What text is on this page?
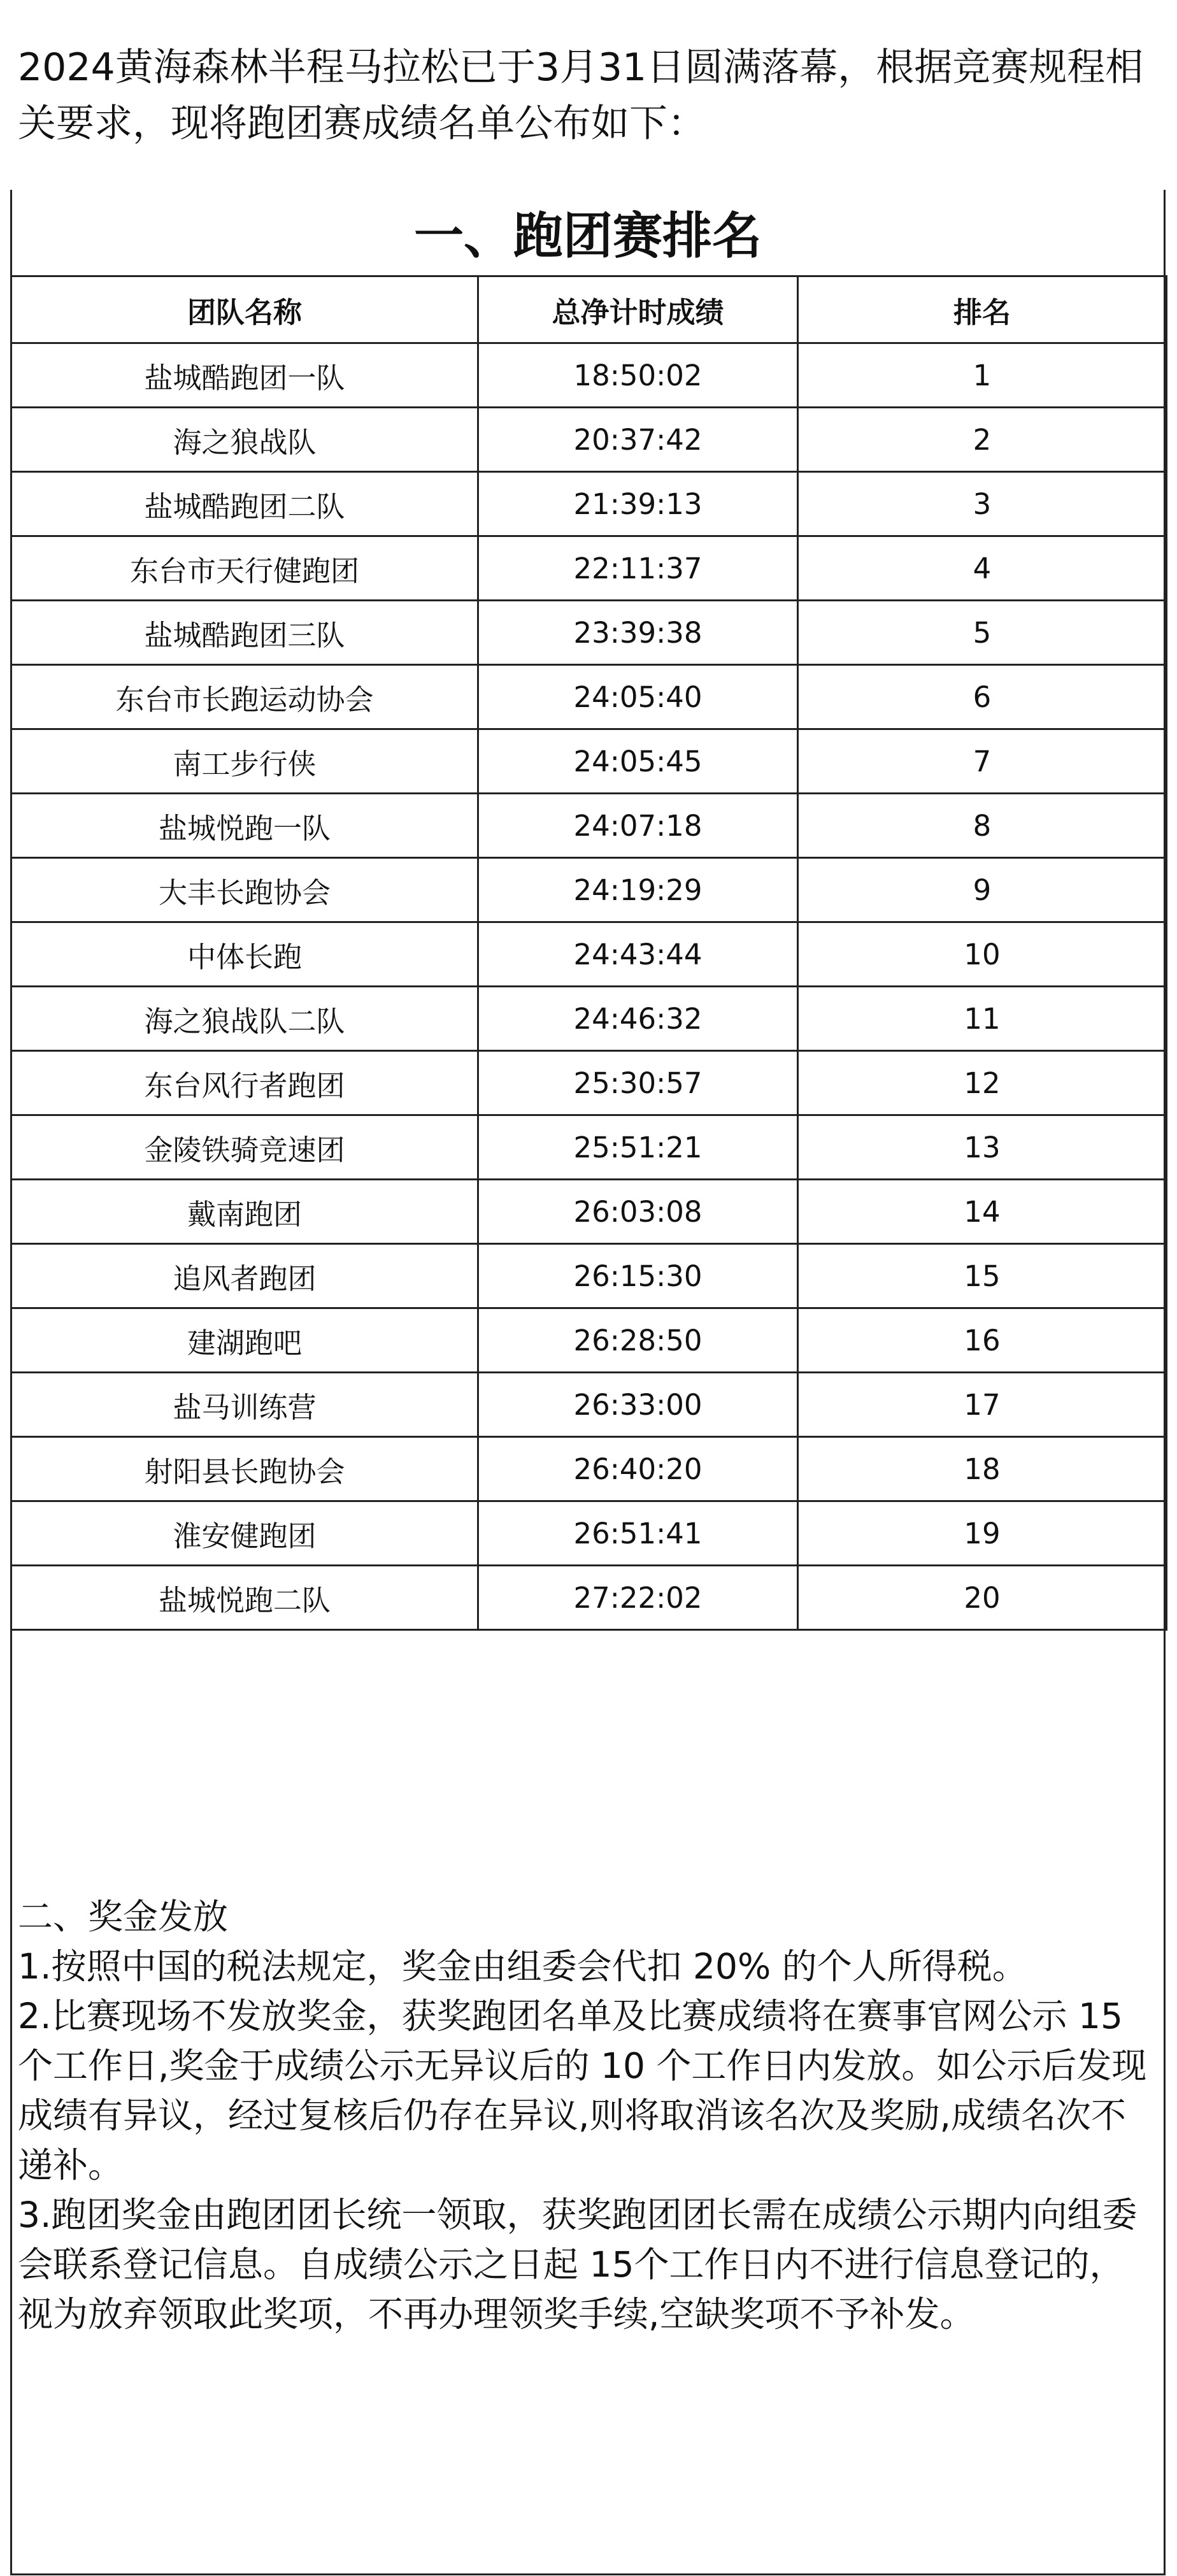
2024黄海森林半程马拉松已于3月31日圆满落幕，根据竞赛规程相关要求，现将跑团赛成绩名单公布如下：

一、跑团赛排名
团队名称	总净计时成绩	排名
盐城酷跑团一队	18:50:02	1
海之狼战队	20:37:42	2
盐城酷跑团二队	21:39:13	3
东台市天行健跑团	22:11:37	4
盐城酷跑团三队	23:39:38	5
东台市长跑运动协会	24:05:40	6
南工步行侠	24:05:45	7
盐城悦跑一队	24:07:18	8
大丰长跑协会	24:19:29	9
中体长跑	24:43:44	10
海之狼战队二队	24:46:32	11
东台风行者跑团	25:30:57	12
金陵铁骑竞速团	25:51:21	13
戴南跑团	26:03:08	14
追风者跑团	26:15:30	15
建湖跑吧	26:28:50	16
盐马训练营	26:33:00	17
射阳县长跑协会	26:40:20	18
淮安健跑团	26:51:41	19
盐城悦跑二队	27:22:02	20

二、奖金发放

1.按照中国的税法规定，奖金由组委会代扣 20% 的个人所得税。

2.比赛现场不发放奖金，获奖跑团名单及比赛成绩将在赛事官网公示 15 个工作日,奖金于成绩公示无异议后的 10 个工作日内发放。如公示后发现成绩有异议，经过复核后仍存在异议,则将取消该名次及奖励,成绩名次不递补。

3.跑团奖金由跑团团长统一领取，获奖跑团团长需在成绩公示期内向组委会联系登记信息。自成绩公示之日起 15个工作日内不进行信息登记的，视为放弃领取此奖项，不再办理领奖手续,空缺奖项不予补发。
